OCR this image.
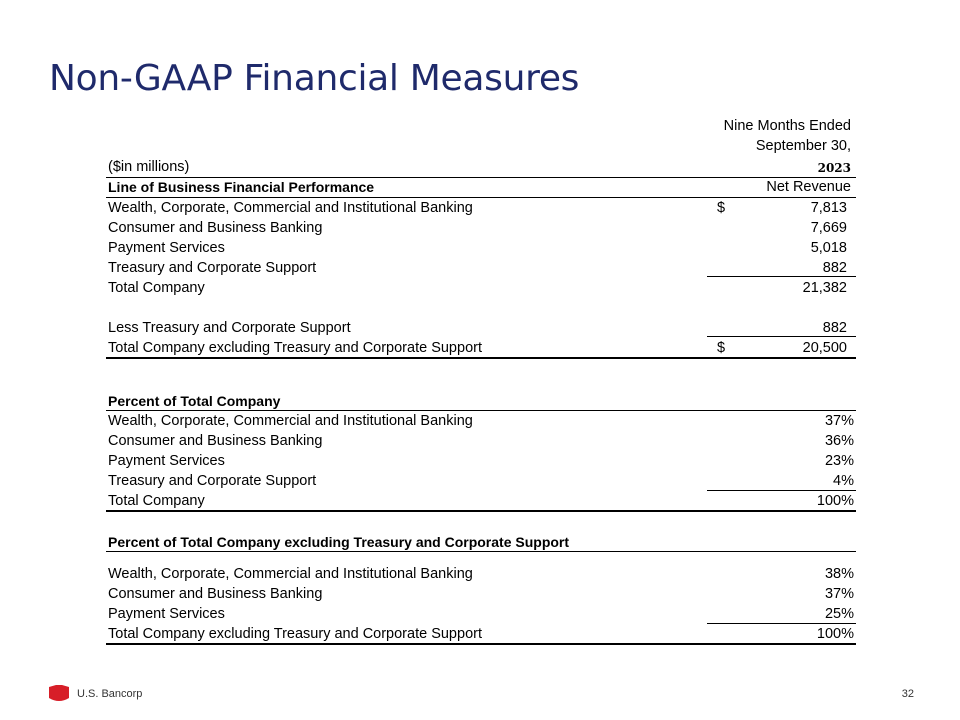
Non-GAAP Financial Measures
Nine Months Ended
September 30,
($in millions)	2023
Line of Business Financial Performance	Net Revenue
Wealth, Corporate, Commercial and Institutional Banking	$	7,813
Consumer and Business Banking	7,669
Payment Services	5,018
Treasury and Corporate Support	882
Total Company	21,382
Less Treasury and Corporate Support	882
Total Company excluding Treasury and Corporate Support	$	20,500
Percent of Total Company
Wealth, Corporate, Commercial and Institutional Banking	37%
Consumer and Business Banking	36%
Payment Services	23%
Treasury and Corporate Support	4%
Total Company	100%
Percent of Total Company excluding Treasury and Corporate Support
Wealth, Corporate, Commercial and Institutional Banking	38%
Consumer and Business Banking	37%
Payment Services	25%
Total Company excluding Treasury and Corporate Support	100%
U.S. Bancorp	32
